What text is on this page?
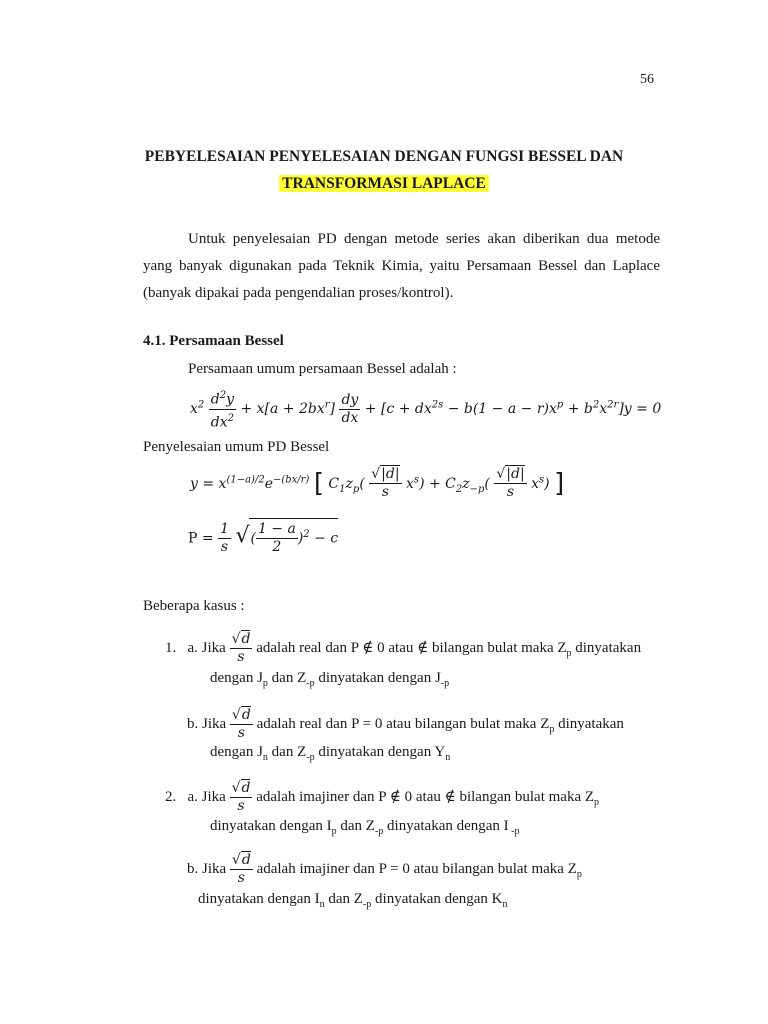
56
PEBYELESAIAN PENYELESAIAN DENGAN FUNGSI BESSEL DAN
TRANSFORMASI LAPLACE
Untuk penyelesaian PD dengan metode series akan diberikan dua metode yang banyak digunakan pada Teknik Kimia, yaitu Persamaan Bessel dan Laplace (banyak dipakai pada pengendalian proses/kontrol).
4.1. Persamaan Bessel
Persamaan umum persamaan Bessel adalah :
$x^2 \frac{d^2y}{dx^2} + x[a + 2bx^r] \frac{dy}{dx} + [c + dx^{2s} - b(1 - a - r)x^p + b^2x^{2r}]y = 0$
Penyelesaian umum PD Bessel
$y = x^{(1-a)/2}e^{-(bx/r)}$ [ $C_1z_p( \frac{√|d|}{s} x^s) + C_2z_{-p}( \frac{√|d|}{s} x^s)$ ]
$P = \frac{1}{s}$ √( $\frac{1 - a}{2} )^2 - c$
Beberapa kasus :
1. a. Jika $\frac{√d}{s}$ adalah real dan P ∉ 0 atau ∉ bilangan bulat maka $Z_p$ dinyatakan
dengan $J_p$ dan $Z_{-p}$ dinyatakan dengan $J_{-p}$
b. Jika $\frac{√d}{s}$ adalah real dan P = 0 atau bilangan bulat maka $Z_p$ dinyatakan
dengan $J_n$ dan $Z_{-p}$ dinyatakan dengan $Y_n$
2. a. Jika $\frac{√d}{s}$ adalah imajiner dan P ∉ 0 atau ∉ bilangan bulat maka $Z_p$
dinyatakan dengan $I_p$ dan $Z_{-p}$ dinyatakan dengan I $_{-p}$
b. Jika $\frac{√d}{s}$ adalah imajiner dan P = 0 atau bilangan bulat maka $Z_p$
dinyatakan dengan $I_n$ dan $Z_{-p}$ dinyatakan dengan $K_n$
